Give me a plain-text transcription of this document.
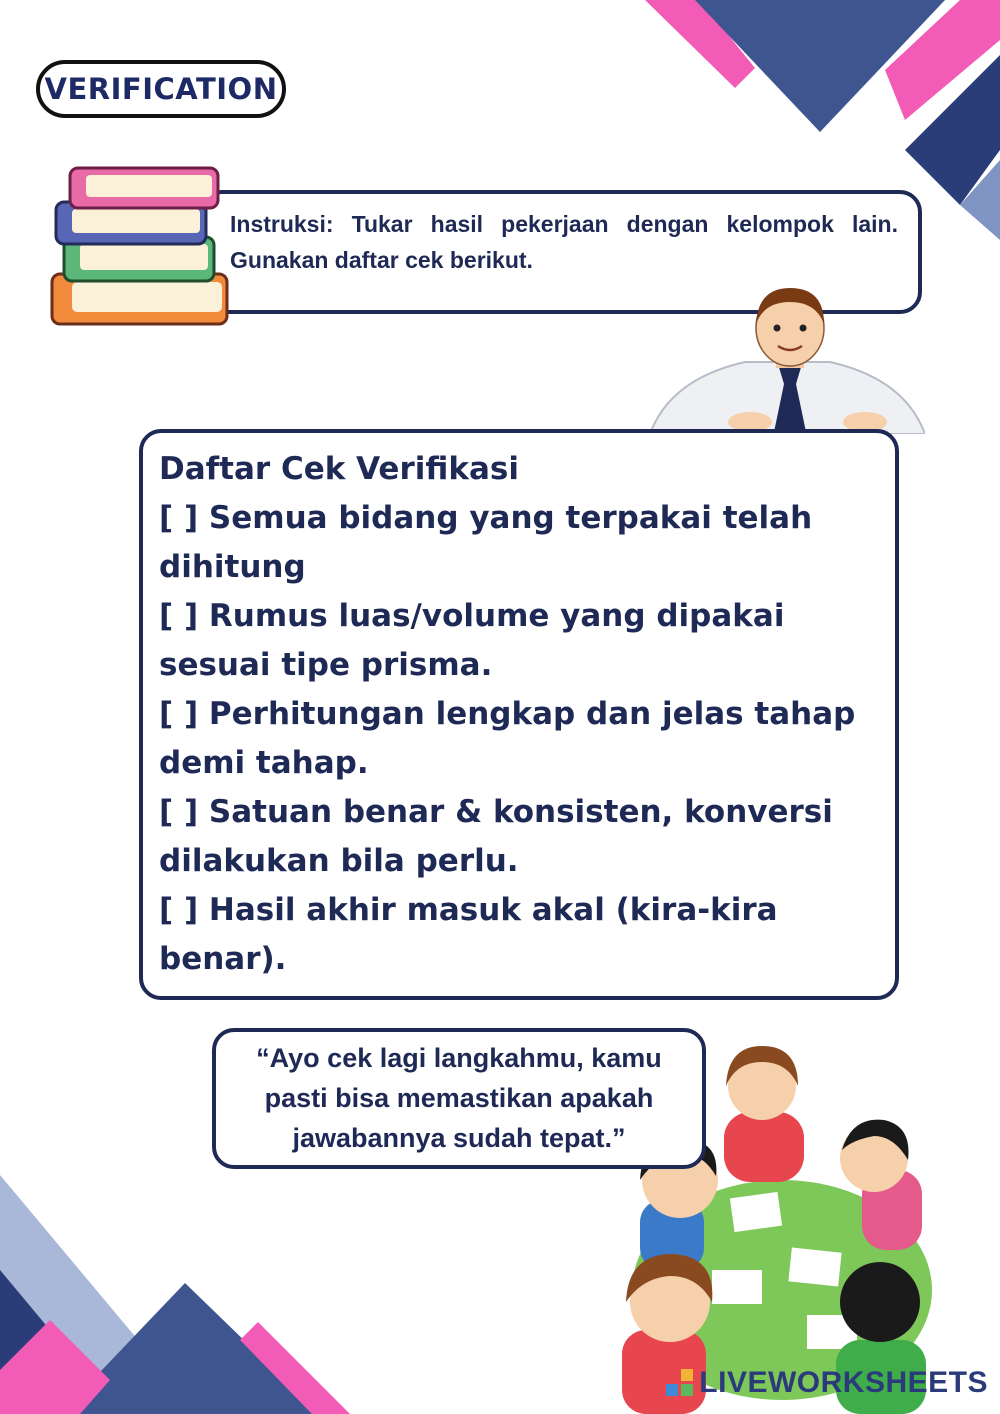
VERIFICATION
Instruksi: Tukar hasil pekerjaan dengan kelompok lain. Gunakan daftar cek berikut.
Daftar Cek Verifikasi
[ ] Semua bidang yang terpakai telah
dihitung
[ ] Rumus luas/volume yang dipakai
sesuai tipe prisma.
[ ] Perhitungan lengkap dan jelas tahap
demi tahap.
[ ] Satuan benar & konsisten, konversi
dilakukan bila perlu.
[ ] Hasil akhir masuk akal (kira-kira
benar).
“Ayo cek lagi langkahmu, kamu
pasti bisa memastikan apakah
jawabannya sudah tepat.”
LIVEWORKSHEETS
